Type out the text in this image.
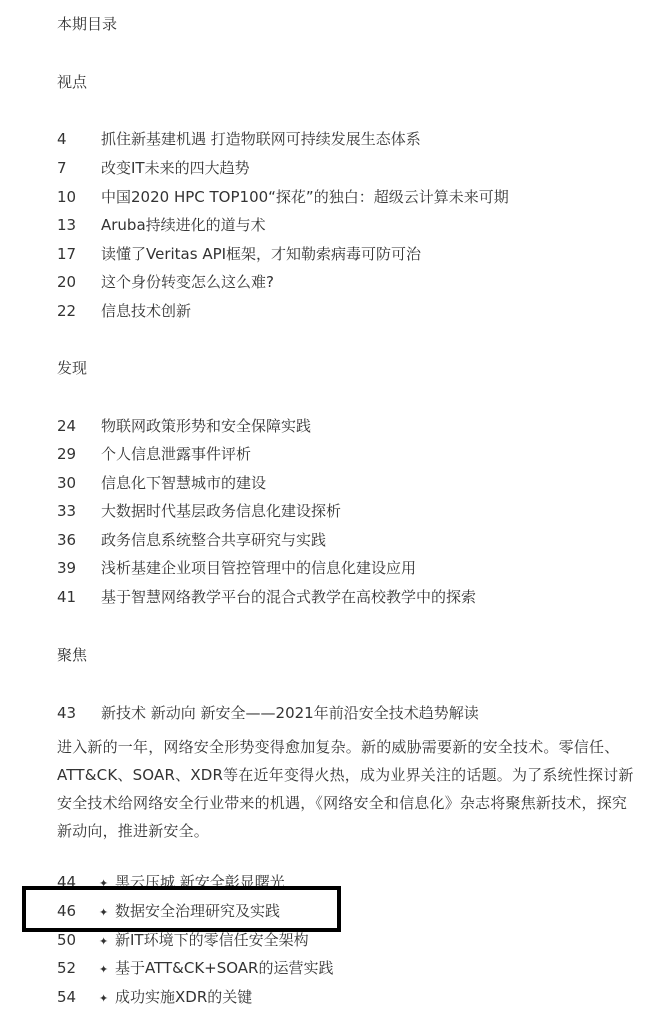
本期目录
视点
4 抓住新基建机遇 打造物联网可持续发展生态体系
7 改变IT未来的四大趋势
10 中国2020 HPC TOP100“探花”的独白：超级云计算未来可期
13 Aruba持续进化的道与术
17 读懂了Veritas API框架，才知勒索病毒可防可治
20 这个身份转变怎么这么难?
22 信息技术创新
发现
24 物联网政策形势和安全保障实践
29 个人信息泄露事件评析
30 信息化下智慧城市的建设
33 大数据时代基层政务信息化建设探析
36 政务信息系统整合共享研究与实践
39 浅析基建企业项目管控管理中的信息化建设应用
41 基于智慧网络教学平台的混合式教学在高校教学中的探索
聚焦
43 新技术 新动向 新安全——2021年前沿安全技术趋势解读
进入新的一年，网络安全形势变得愈加复杂。新的威胁需要新的安全技术。零信任、ATT&CK、SOAR、XDR等在近年变得火热，成为业界关注的话题。为了系统性探讨新安全技术给网络安全行业带来的机遇，《网络安全和信息化》杂志将聚焦新技术，探究新动向，推进新安全。
44 ✦ 黑云压城 新安全彰显曙光
46 ✦ 数据安全治理研究及实践
50 ✦ 新IT环境下的零信任安全架构
52 ✦ 基于ATT&CK+SOAR的运营实践
54 ✦ 成功实施XDR的关键
